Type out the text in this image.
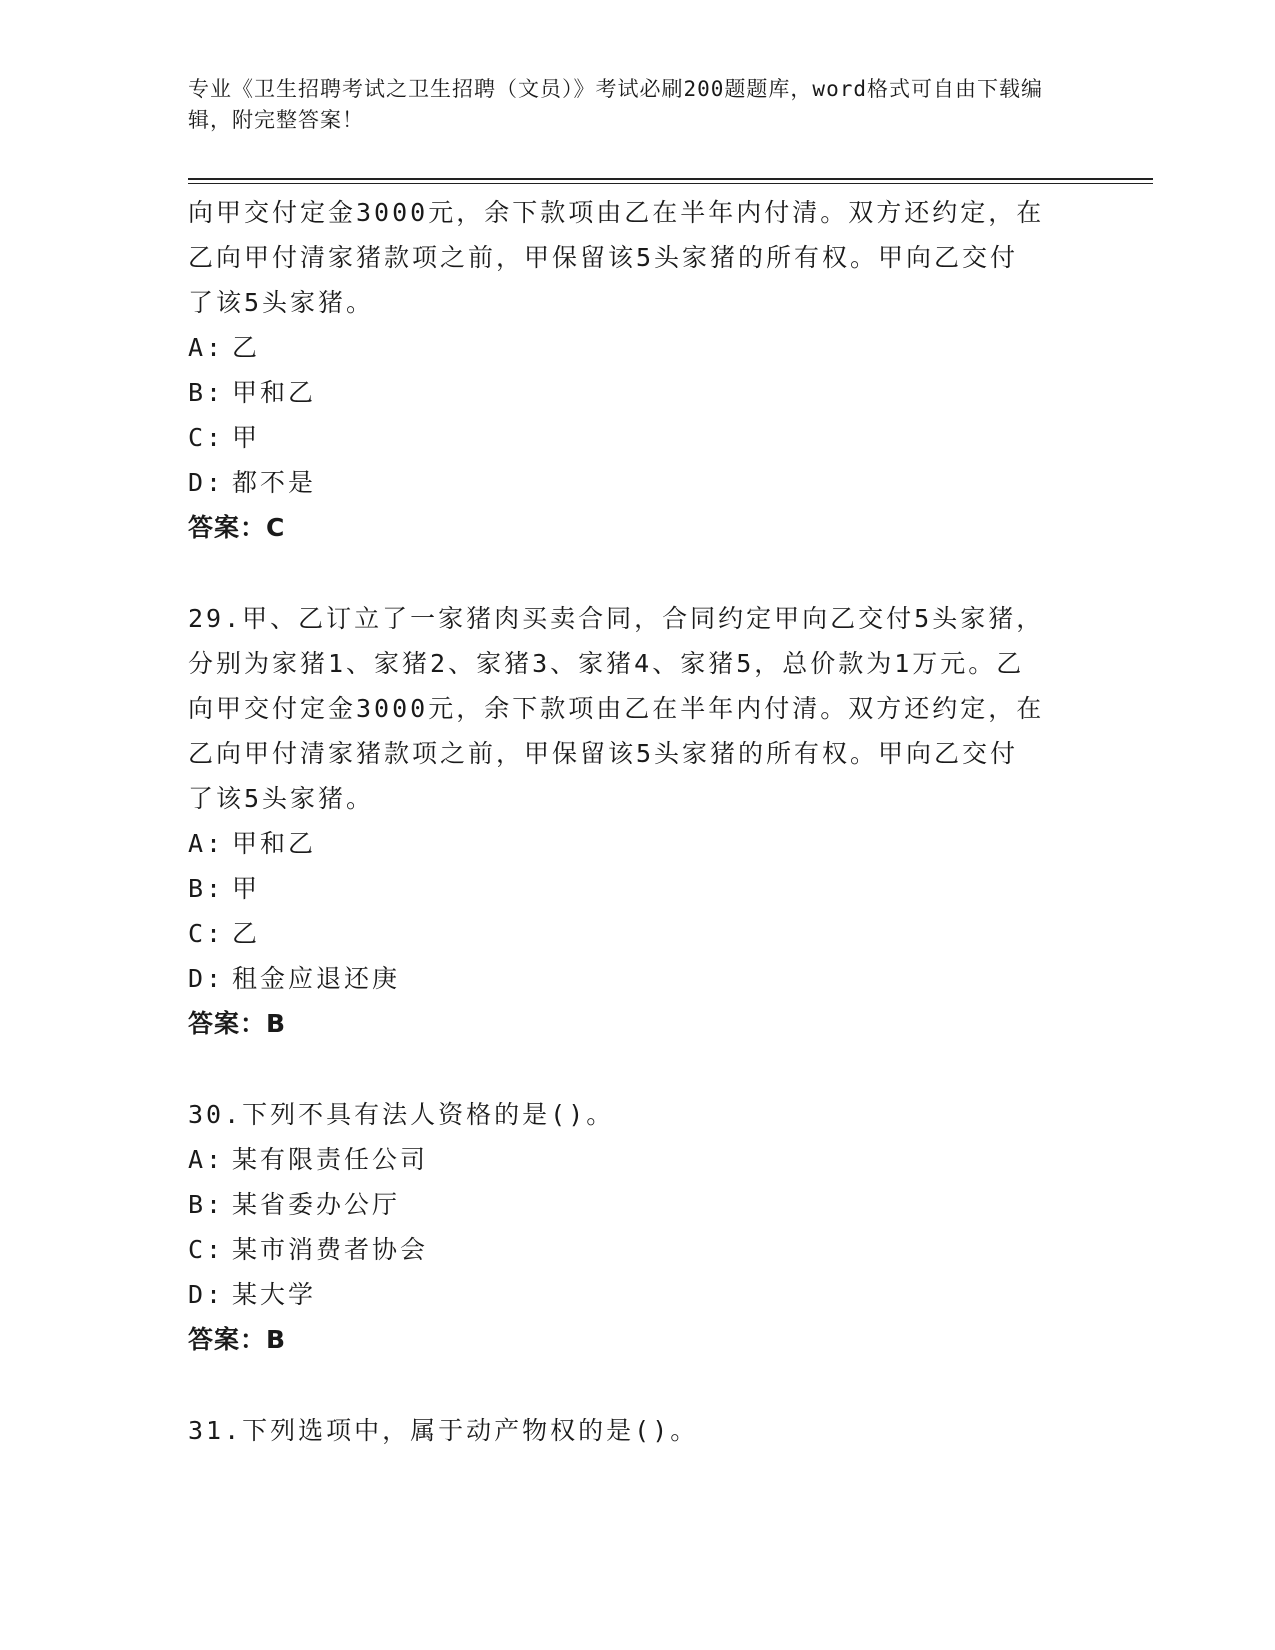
专业《卫生招聘考试之卫生招聘（文员）》考试必刷200题题库，word格式可自由下载编辑，附完整答案！
向甲交付定金3000元，余下款项由乙在半年内付清。双方还约定，在
乙向甲付清家猪款项之前，甲保留该5头家猪的所有权。甲向乙交付
了该5头家猪。
A: 乙
B: 甲和乙
C: 甲
D: 都不是
答案：C
29.甲、乙订立了一家猪肉买卖合同，合同约定甲向乙交付5头家猪，
分别为家猪1、家猪2、家猪3、家猪4、家猪5，总价款为1万元。乙
向甲交付定金3000元，余下款项由乙在半年内付清。双方还约定，在
乙向甲付清家猪款项之前，甲保留该5头家猪的所有权。甲向乙交付
了该5头家猪。
A: 甲和乙
B: 甲
C: 乙
D: 租金应退还庚
答案：B
30.下列不具有法人资格的是()。
A: 某有限责任公司
B: 某省委办公厅
C: 某市消费者协会
D: 某大学
答案：B
31.下列选项中，属于动产物权的是()。
